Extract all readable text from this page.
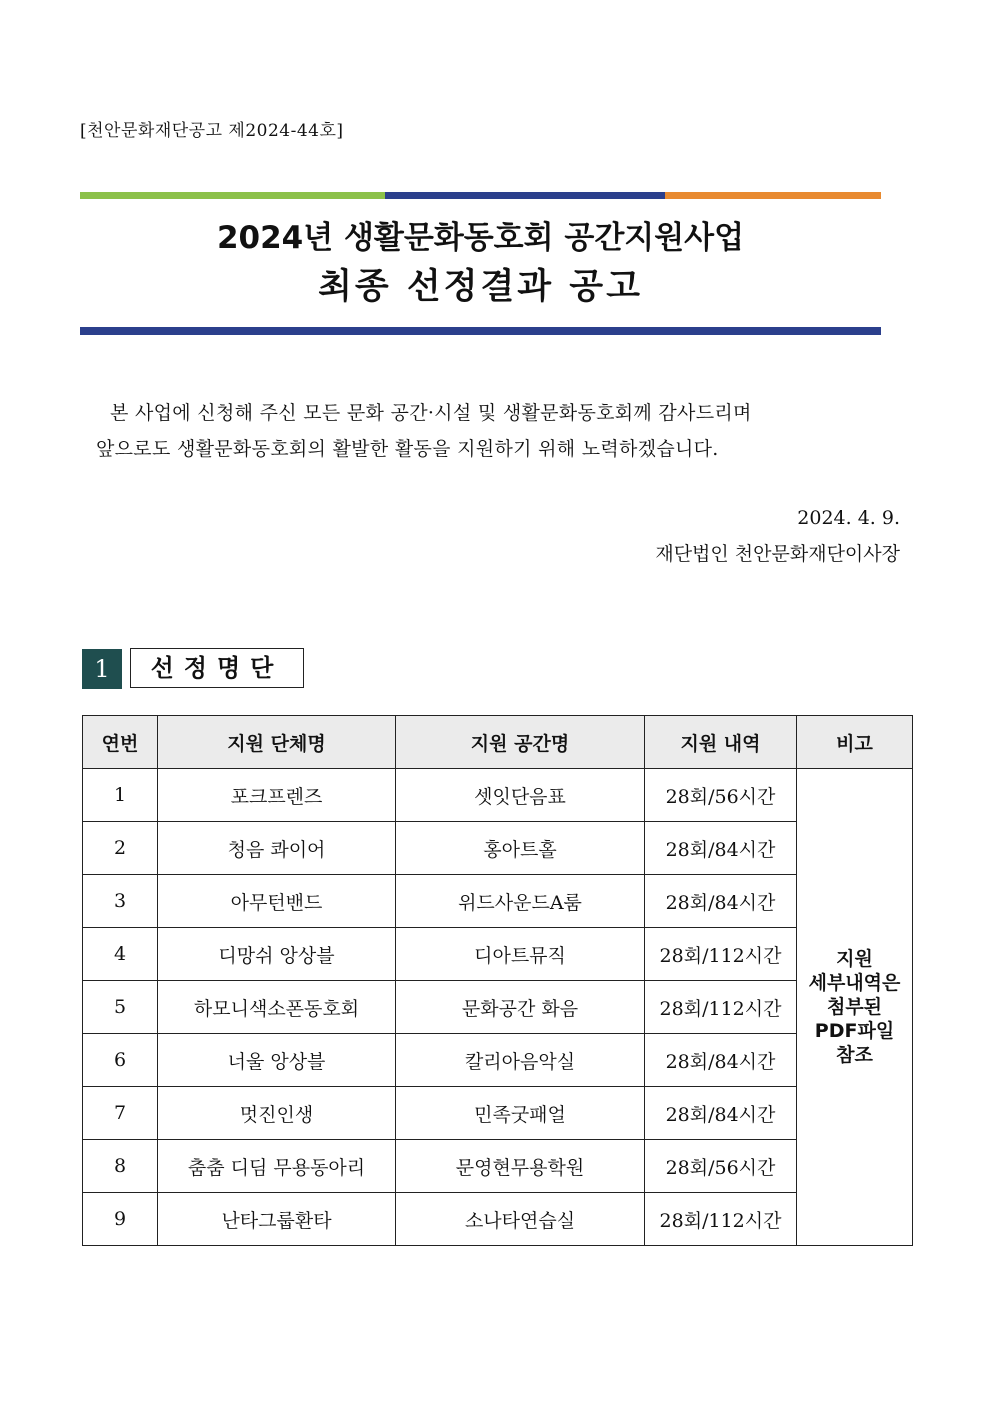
[천안문화재단공고 제2024-44호]
2024년 생활문화동호회 공간지원사업
최종 선정결과 공고

본 사업에 신청해 주신 모든 문화 공간·시설 및 생활문화동호회께 감사드리며

앞으로도 생활문화동호회의 활발한 활동을 지원하기 위해 노력하겠습니다.

2024. 4. 9.
재단법인 천안문화재단이사장
1	선정명단
연번	지원 단체명	지원 공간명	지원 내역	비고
1	포크프렌즈	셋잇단음표	28회/56시간	지원
세부내역은
첨부된
PDF파일
참조

2	청음 콰이어	홍아트홀	28회/84시간	
3	아무턴밴드	위드사운드A룸	28회/84시간	
4	디망쉬 앙상블	디아트뮤직	28회/112시간	
5	하모니색소폰동호회	문화공간 화음	28회/112시간	
6	너울 앙상블	칼리아음악실	28회/84시간	
7	멋진인생	민족굿패얼	28회/84시간	
8	춤춤 디딤 무용동아리	문영현무용학원	28회/56시간	
9	난타그룹환타	소나타연습실	28회/112시간	
